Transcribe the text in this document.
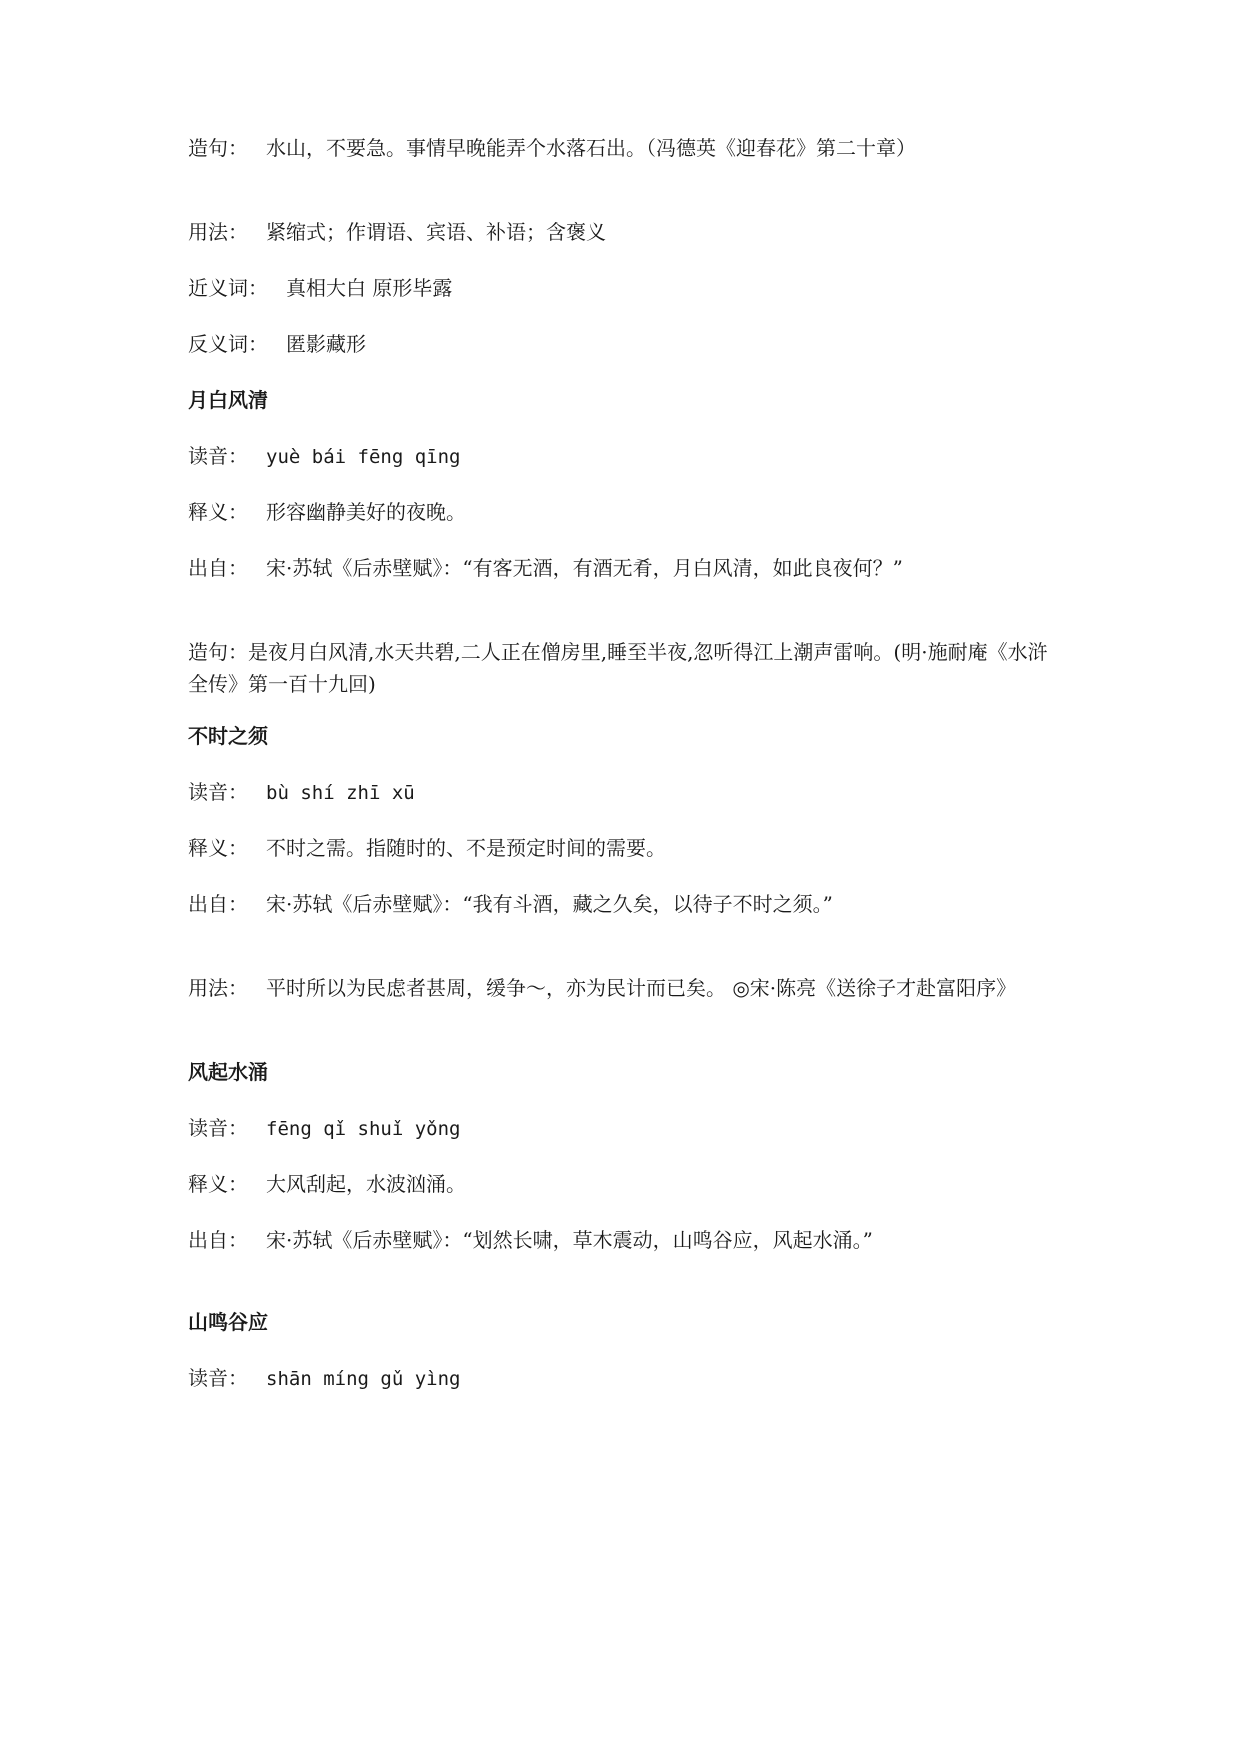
造句： 水山，不要急。事情早晚能弄个水落石出。（冯德英《迎春花》第二十章）
用法： 紧缩式；作谓语、宾语、补语；含褒义
近义词： 真相大白 原形毕露
反义词： 匿影藏形
月白风清
读音： yuè bái fēng qīng
释义： 形容幽静美好的夜晚。
出自： 宋·苏轼《后赤壁赋》：“有客无酒，有酒无肴，月白风清，如此良夜何？”
造句：是夜月白风清,水天共碧,二人正在僧房里,睡至半夜,忽听得江上潮声雷响。(明·施耐庵《水浒全传》第一百十九回)
不时之须
读音： bù shí zhī xū
释义： 不时之需。指随时的、不是预定时间的需要。
出自： 宋·苏轼《后赤壁赋》：“我有斗酒，藏之久矣，以待子不时之须。”
用法： 平时所以为民虑者甚周，缓争～，亦为民计而已矣。 ◎宋·陈亮《送徐子才赴富阳序》
风起水涌
读音： fēng qǐ shuǐ yǒng
释义： 大风刮起，水波汹涌。
出自： 宋·苏轼《后赤壁赋》：“划然长啸，草木震动，山鸣谷应，风起水涌。”
山鸣谷应
读音： shān míng gǔ yìng
